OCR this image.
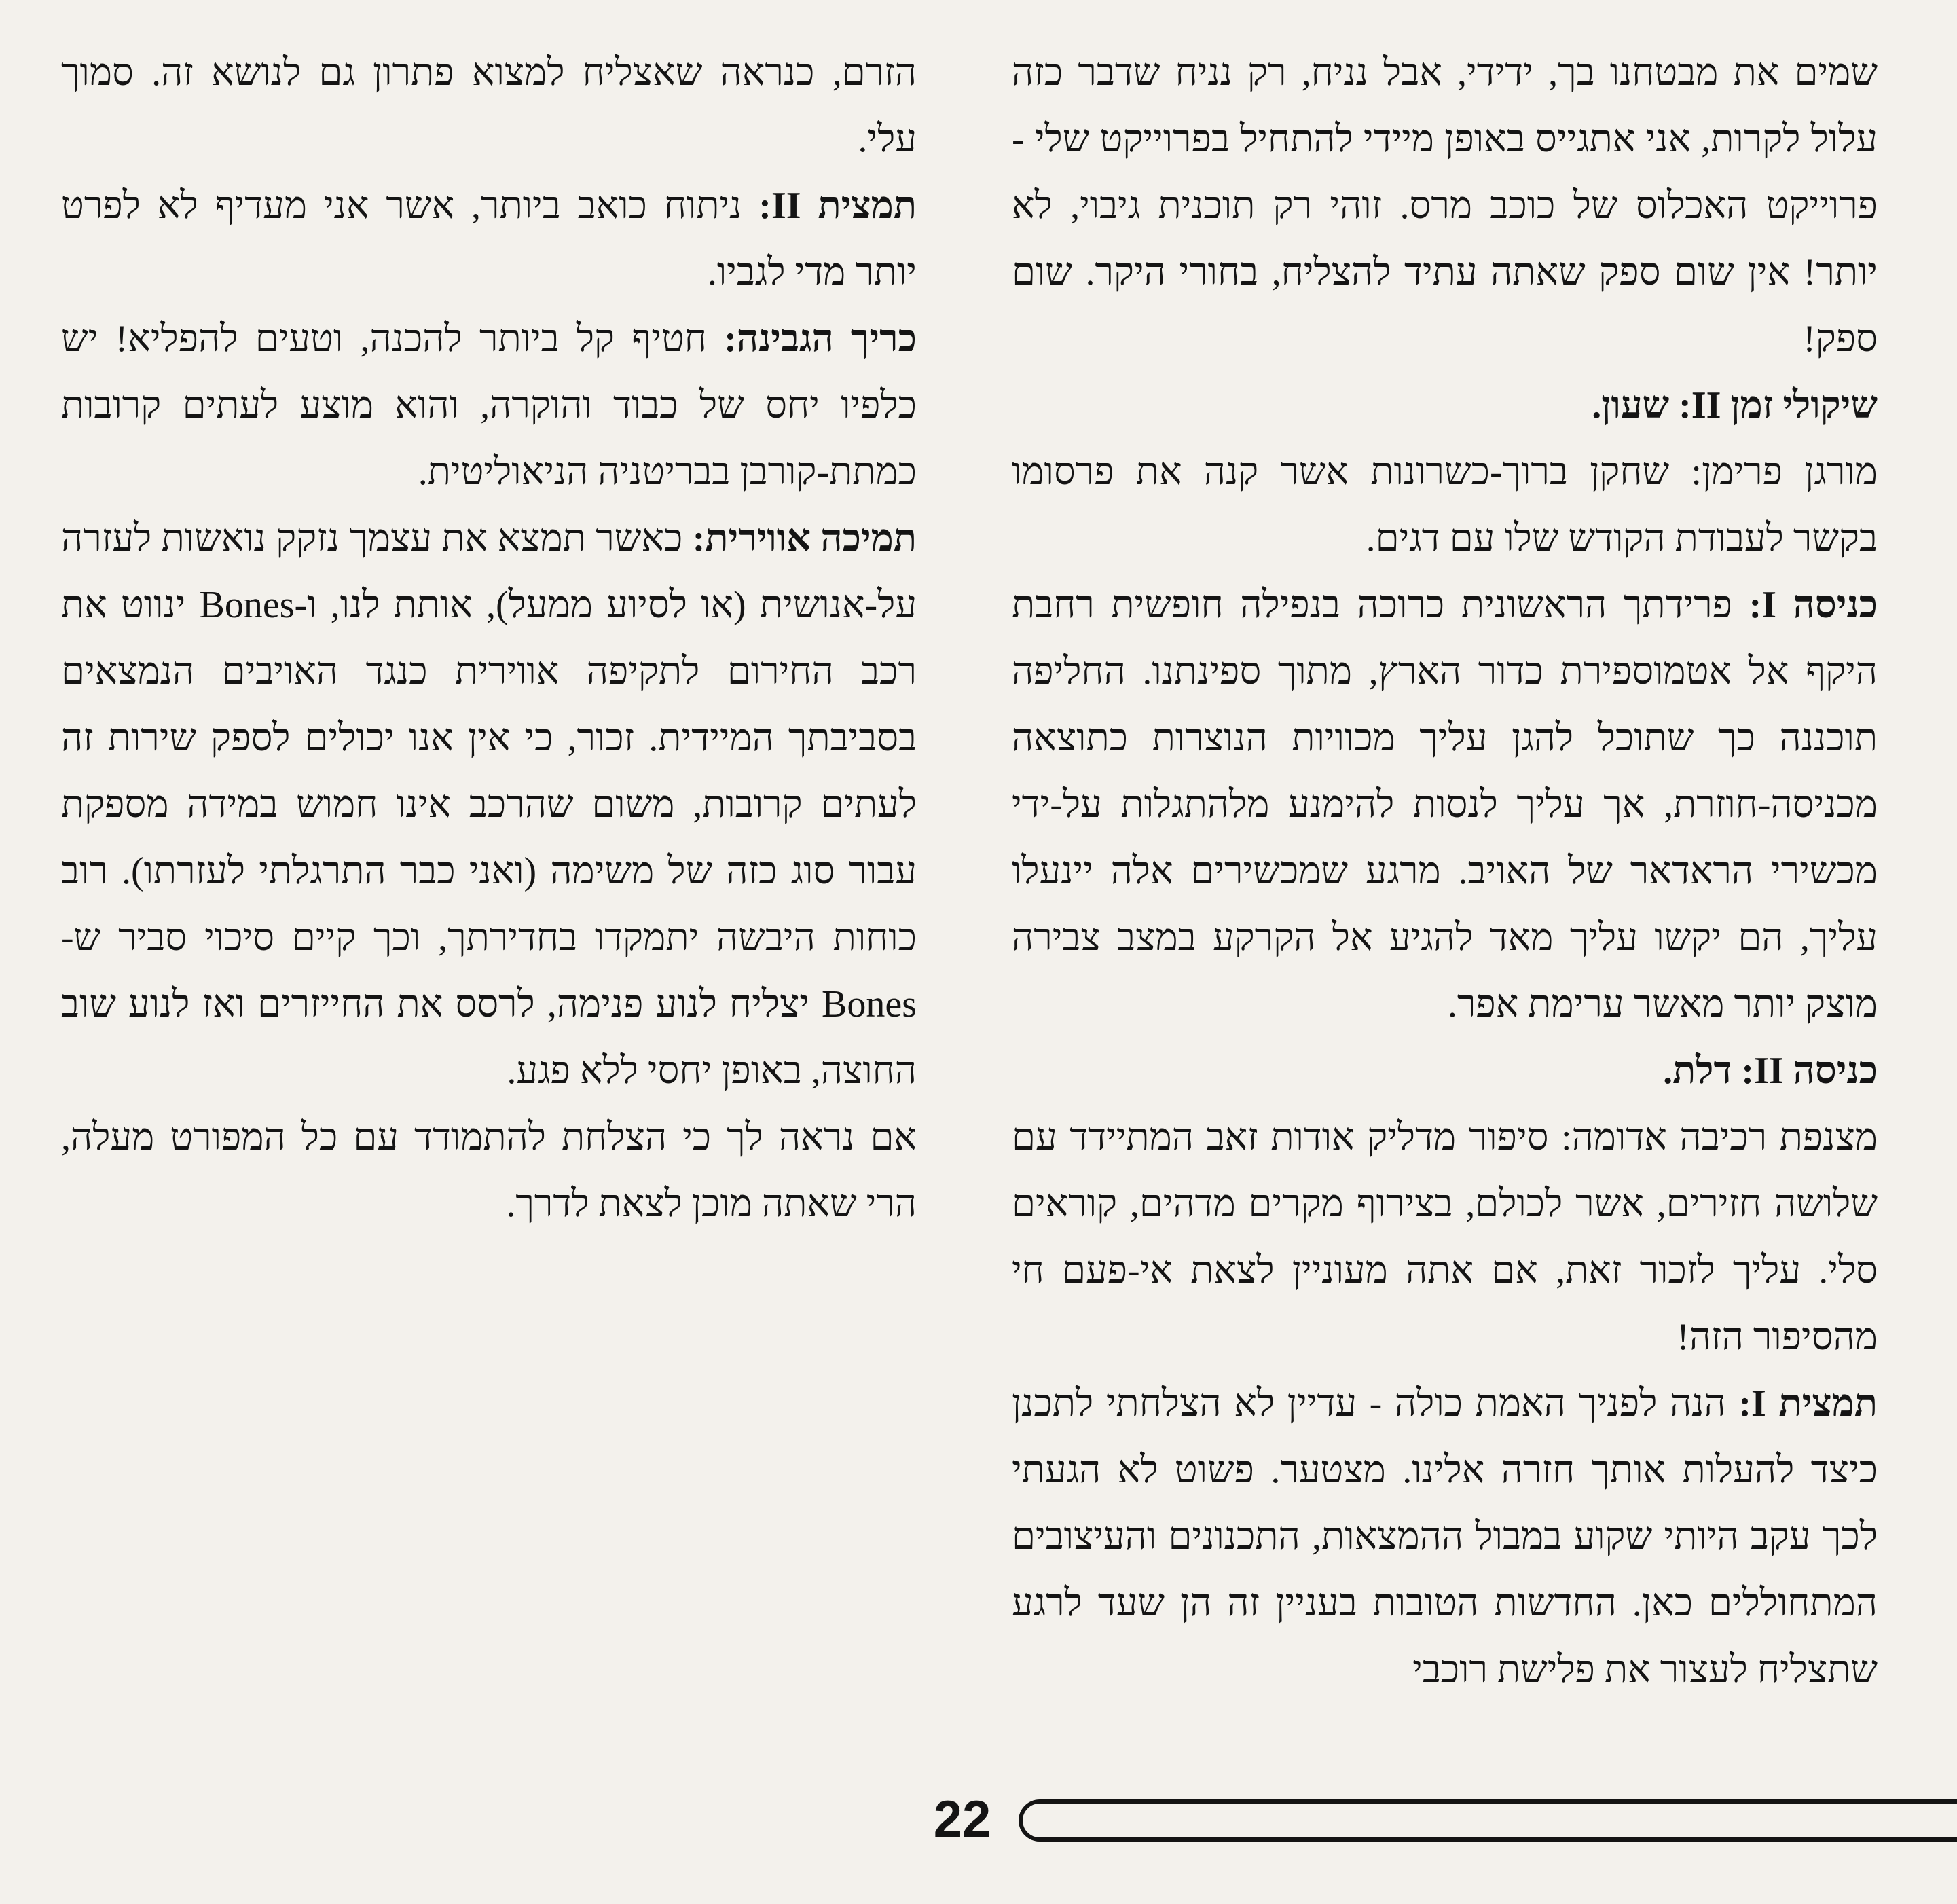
שמים את מבטחנו בך, ידידי, אבל נניח, רק נניח שדבר כזה עלול לקרות, אני אתגייס באופן מיידי להתחיל בפרוייקט שלי - פרוייקט האכלוס של כוכב מרס. זוהי רק תוכנית גיבוי, לא יותר! אין שום ספק שאתה עתיד להצליח, בחורי היקר. שום ספק!

שיקולי זמן II: שעון.

מורגן פרימן: שחקן ברוך-כשרונות אשר קנה את פרסומו בקשר לעבודת הקודש שלו עם דגים.

כניסה I: פרידתך הראשונית כרוכה בנפילה חופשית רחבת היקף אל אטמוספירת כדור הארץ, מתוך ספינתנו. החליפה תוכננה כך שתוכל להגן עליך מכוויות הנוצרות כתוצאה מכניסה-חוזרת, אך עליך לנסות להימנע מלהתגלות על-ידי מכשירי הראדאר של האויב. מרגע שמכשירים אלה יינעלו עליך, הם יקשו עליך מאד להגיע אל הקרקע במצב צבירה מוצק יותר מאשר ערימת אפר.

כניסה II: דלת.

מצנפת רכיבה אדומה: סיפור מדליק אודות זאב המתיידד עם שלושה חזירים, אשר לכולם, בצירוף מקרים מדהים, קוראים סלי. עליך לזכור זאת, אם אתה מעוניין לצאת אי-פעם חי מהסיפור הזה!

תמצית I: הנה לפניך האמת כולה - עדיין לא הצלחתי לתכנן כיצד להעלות אותך חזרה אלינו. מצטער. פשוט לא הגעתי לכך עקב היותי שקוע במבול ההמצאות, התכנונים והעיצובים המתחוללים כאן. החדשות הטובות בעניין זה הן שעד לרגע שתצליח לעצור את פלישת רוכבי

הזרם, כנראה שאצליח למצוא פתרון גם לנושא זה. סמוך עלי.

תמצית II: ניתוח כואב ביותר, אשר אני מעדיף לא לפרט יותר מדי לגביו.

כריך הגבינה: חטיף קל ביותר להכנה, וטעים להפליא! יש כלפיו יחס של כבוד והוקרה, והוא מוצע לעתים קרובות כמתת-קורבן בבריטניה הניאוליטית.

תמיכה אווירית: כאשר תמצא את עצמך נזקק נואשות לעזרה על-אנושית (או לסיוע ממעל), אותת לנו, ו-Bones ינווט את רכב החירום לתקיפה אווירית כנגד האויבים הנמצאים בסביבתך המיידית. זכור, כי אין אנו יכולים לספק שירות זה לעתים קרובות, משום שהרכב אינו חמוש במידה מספקת עבור סוג כזה של משימה (ואני כבר התרגלתי לעזרתו). רוב כוחות היבשה יתמקדו בחדירתך, וכך קיים סיכוי סביר ש-Bones יצליח לנוע פנימה, לרסס את החייזרים ואז לנוע שוב החוצה, באופן יחסי ללא פגע.

אם נראה לך כי הצלחת להתמודד עם כל המפורט מעלה, הרי שאתה מוכן לצאת לדרך.

22
